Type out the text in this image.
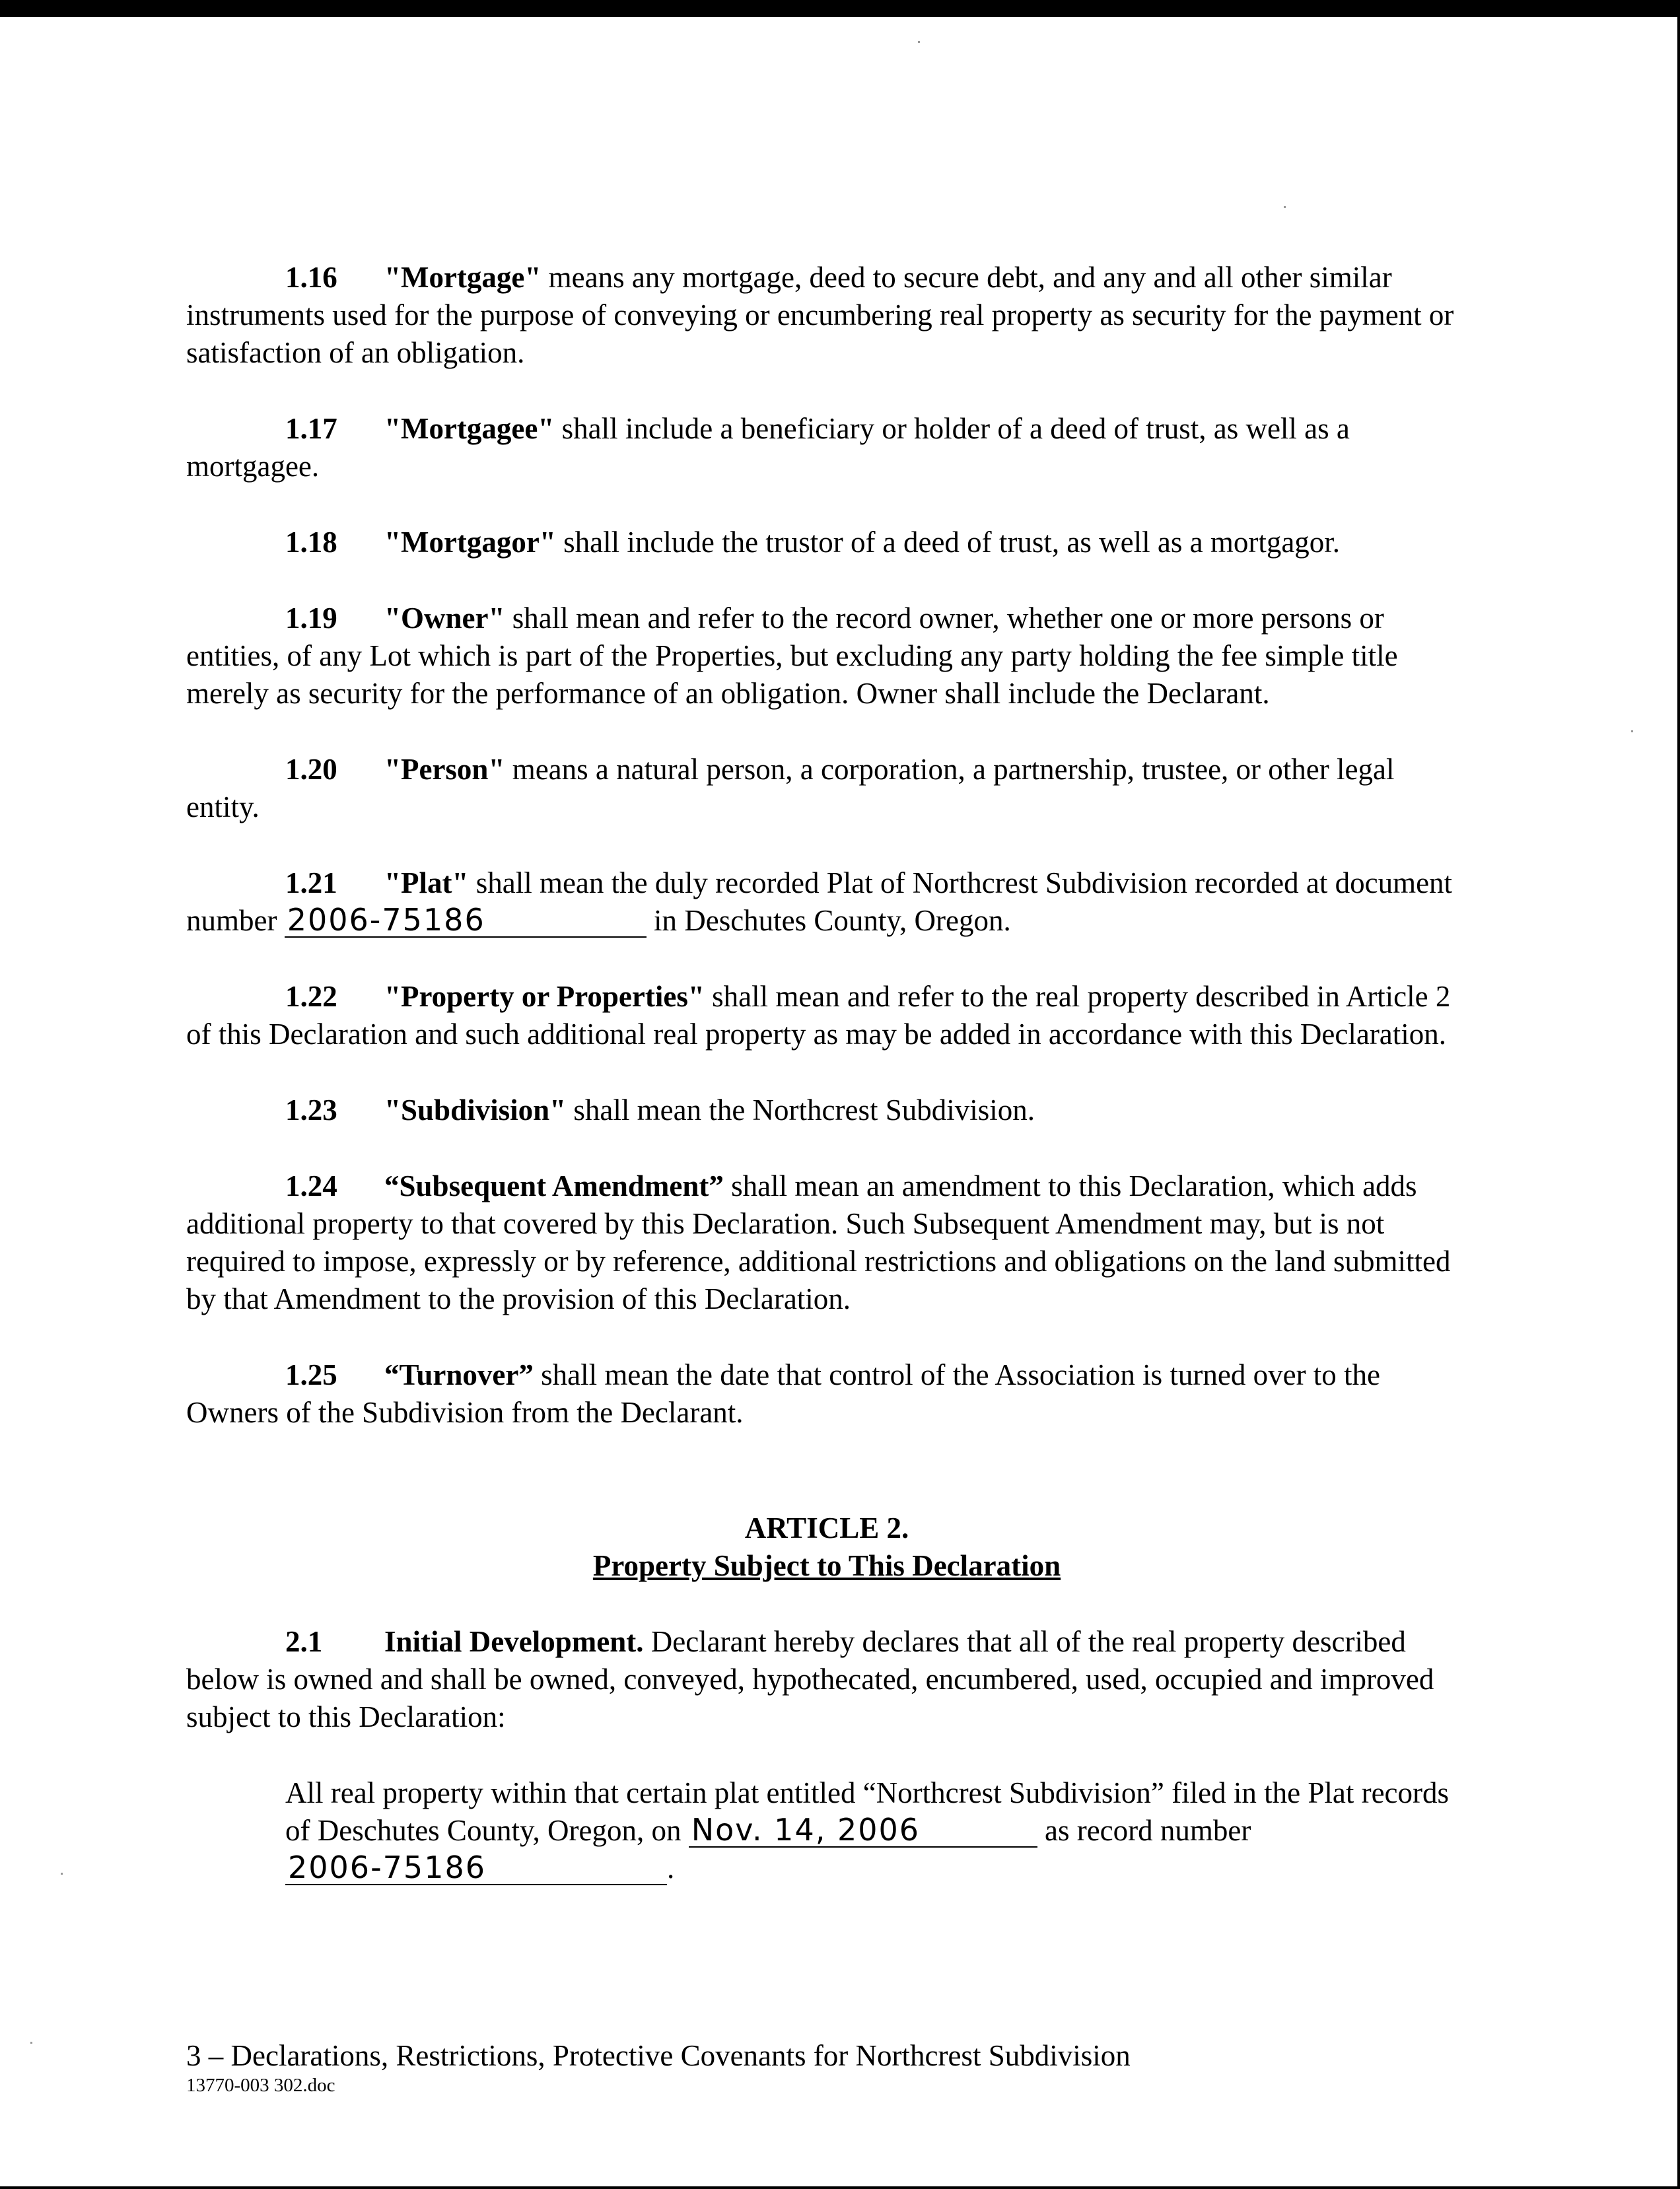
1.16 "Mortgage" means any mortgage, deed to secure debt, and any and all other similar instruments used for the purpose of conveying or encumbering real property as security for the payment or satisfaction of an obligation.

1.17 "Mortgagee" shall include a beneficiary or holder of a deed of trust, as well as a mortgagee.

1.18 "Mortgagor" shall include the trustor of a deed of trust, as well as a mortgagor.

1.19 "Owner" shall mean and refer to the record owner, whether one or more persons or entities, of any Lot which is part of the Properties, but excluding any party holding the fee simple title merely as security for the performance of an obligation. Owner shall include the Declarant.

1.20 "Person" means a natural person, a corporation, a partnership, trustee, or other legal entity.

1.21 "Plat" shall mean the duly recorded Plat of Northcrest Subdivision recorded at document number 2006-75186	in Deschutes County, Oregon.

1.22 "Property or Properties" shall mean and refer to the real property described in Article 2 of this Declaration and such additional real property as may be added in accordance with this Declaration.

1.23 "Subdivision" shall mean the Northcrest Subdivision.

1.24 “Subsequent Amendment” shall mean an amendment to this Declaration, which adds additional property to that covered by this Declaration. Such Subsequent Amendment may, but is not required to impose, expressly or by reference, additional restrictions and obligations on the land submitted by that Amendment to the provision of this Declaration.

1.25 “Turnover” shall mean the date that control of the Association is turned over to the Owners of the Subdivision from the Declarant.

ARTICLE 2.
Property Subject to This Declaration

2.1 Initial Development. Declarant hereby declares that all of the real property described below is owned and shall be owned, conveyed, hypothecated, encumbered, used, occupied and improved subject to this Declaration:

All real property within that certain plat entitled “Northcrest Subdivision” filed in the Plat records of Deschutes County, Oregon, on Nov. 14, 2006	as record number 2006-75186	.

3 – Declarations, Restrictions, Protective Covenants for Northcrest Subdivision
13770-003 302.doc
